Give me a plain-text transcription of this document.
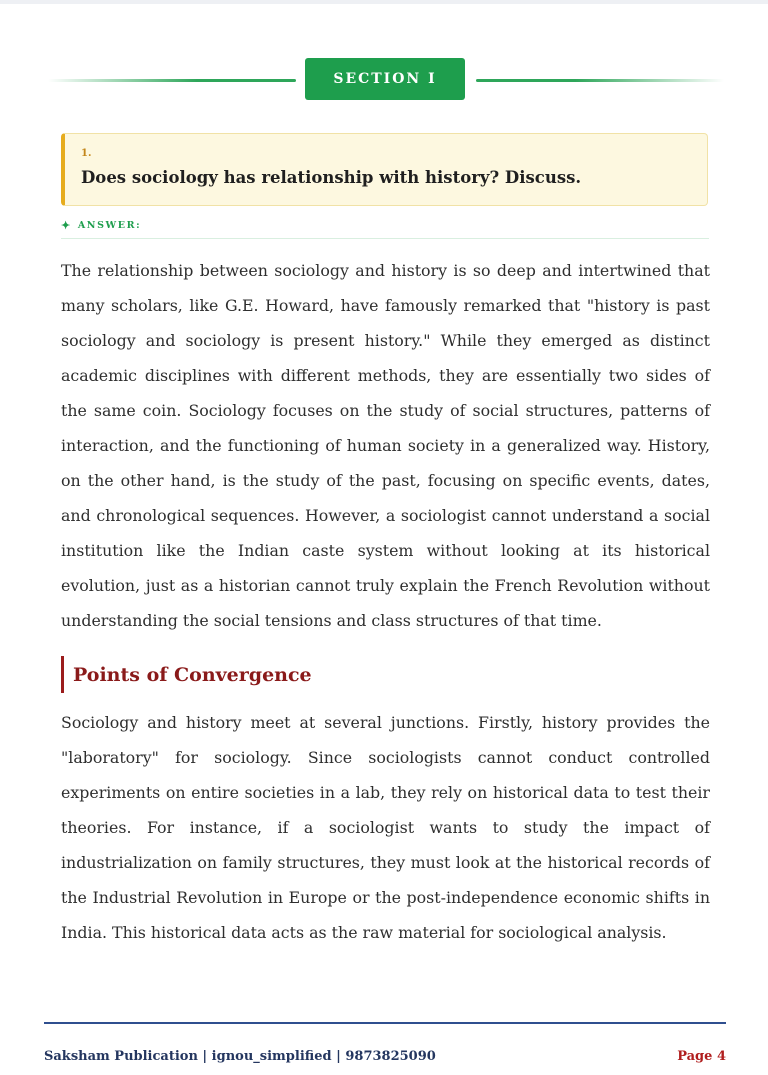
SECTION I
1.
Does sociology has relationship with history? Discuss.
✦ ANSWER:

The relationship between sociology and history is so deep and intertwined that many scholars, like G.E. Howard, have famously remarked that "history is past sociology and sociology is present history." While they emerged as distinct academic disciplines with different methods, they are essentially two sides of the same coin. Sociology focuses on the study of social structures, patterns of interaction, and the functioning of human society in a generalized way. History, on the other hand, is the study of the past, focusing on specific events, dates, and chronological sequences. However, a sociologist cannot understand a social institution like the Indian caste system without looking at its historical evolution, just as a historian cannot truly explain the French Revolution without understanding the social tensions and class structures of that time.

Points of Convergence

Sociology and history meet at several junctions. Firstly, history provides the "laboratory" for sociology. Since sociologists cannot conduct controlled experiments on entire societies in a lab, they rely on historical data to test their theories. For instance, if a sociologist wants to study the impact of industrialization on family structures, they must look at the historical records of the Industrial Revolution in Europe or the post-independence economic shifts in India. This historical data acts as the raw material for sociological analysis.

Saksham Publication | ignou_simplified | 9873825090	Page 4
